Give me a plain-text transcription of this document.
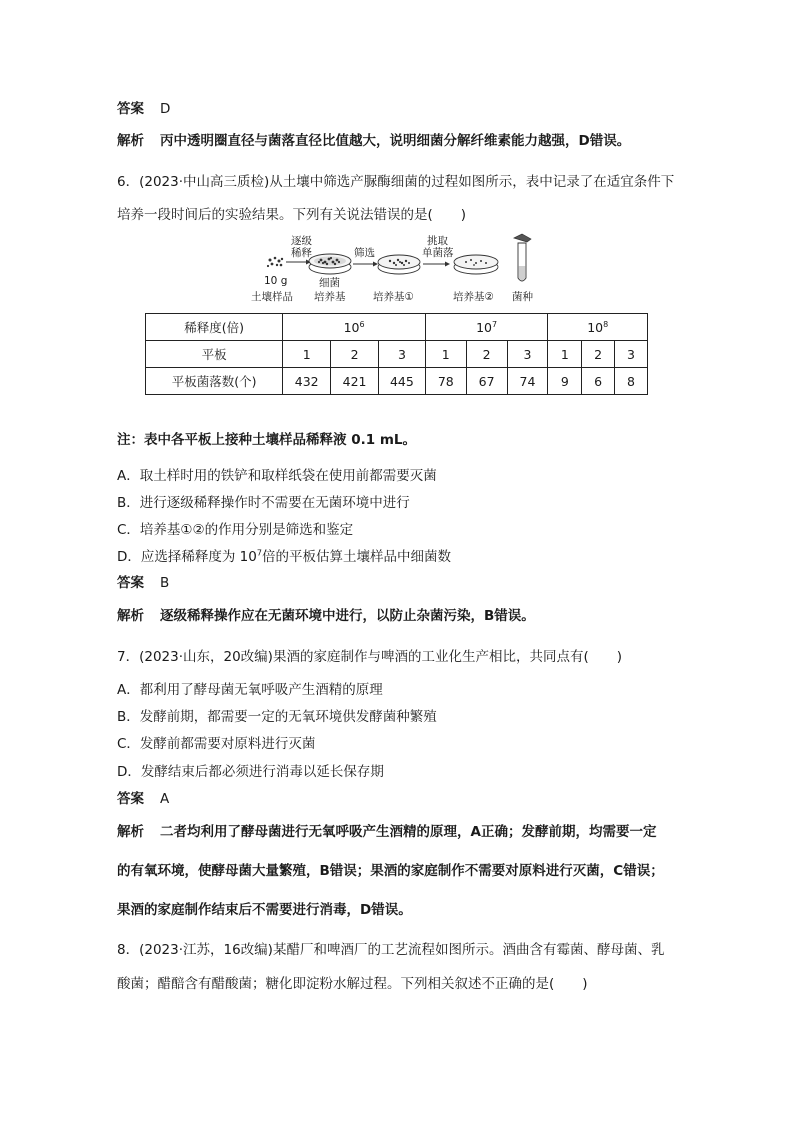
答案 D
解析 丙中透明圈直径与菌落直径比值越大，说明细菌分解纤维素能力越强，D错误。
6．(2023·中山高三质检)从土壤中筛选产脲酶细菌的过程如图所示，表中记录了在适宜条件下
培养一段时间后的实验结果。下列有关说法错误的是( )
逐级
稀释	筛选
挑取
单菌落
10 g
土壤样品
细菌
培养基	培养基①	培养基② 菌种
稀释度(倍)	$10^6$			$10^7$			$10^8$
平板	1	2	3	1	2	3	1	2	3
平板菌落数(个)	432	421	445	78	67	74	9	6	8
注：表中各平板上接种土壤样品稀释液 0.1 mL。
A．取土样时用的铁铲和取样纸袋在使用前都需要灭菌
B．进行逐级稀释操作时不需要在无菌环境中进行
C．培养基①②的作用分别是筛选和鉴定
D．应选择稀释度为 $10^7$倍的平板估算土壤样品中细菌数
答案 B
解析 逐级稀释操作应在无菌环境中进行，以防止杂菌污染，B错误。
7．(2023·山东，20改编)果酒的家庭制作与啤酒的工业化生产相比，共同点有( )
A．都利用了酵母菌无氧呼吸产生酒精的原理
B．发酵前期，都需要一定的无氧环境供发酵菌种繁殖
C．发酵前都需要对原料进行灭菌
D．发酵结束后都必须进行消毒以延长保存期
答案 A
解析 二者均利用了酵母菌进行无氧呼吸产生酒精的原理，A正确；发酵前期，均需要一定
的有氧环境，使酵母菌大量繁殖，B错误；果酒的家庭制作不需要对原料进行灭菌，C错误；
果酒的家庭制作结束后不需要进行消毒，D错误。
8．(2023·江苏，16改编)某醋厂和啤酒厂的工艺流程如图所示。酒曲含有霉菌、酵母菌、乳
酸菌；醋醅含有醋酸菌；糖化即淀粉水解过程。下列相关叙述不正确的是( )
